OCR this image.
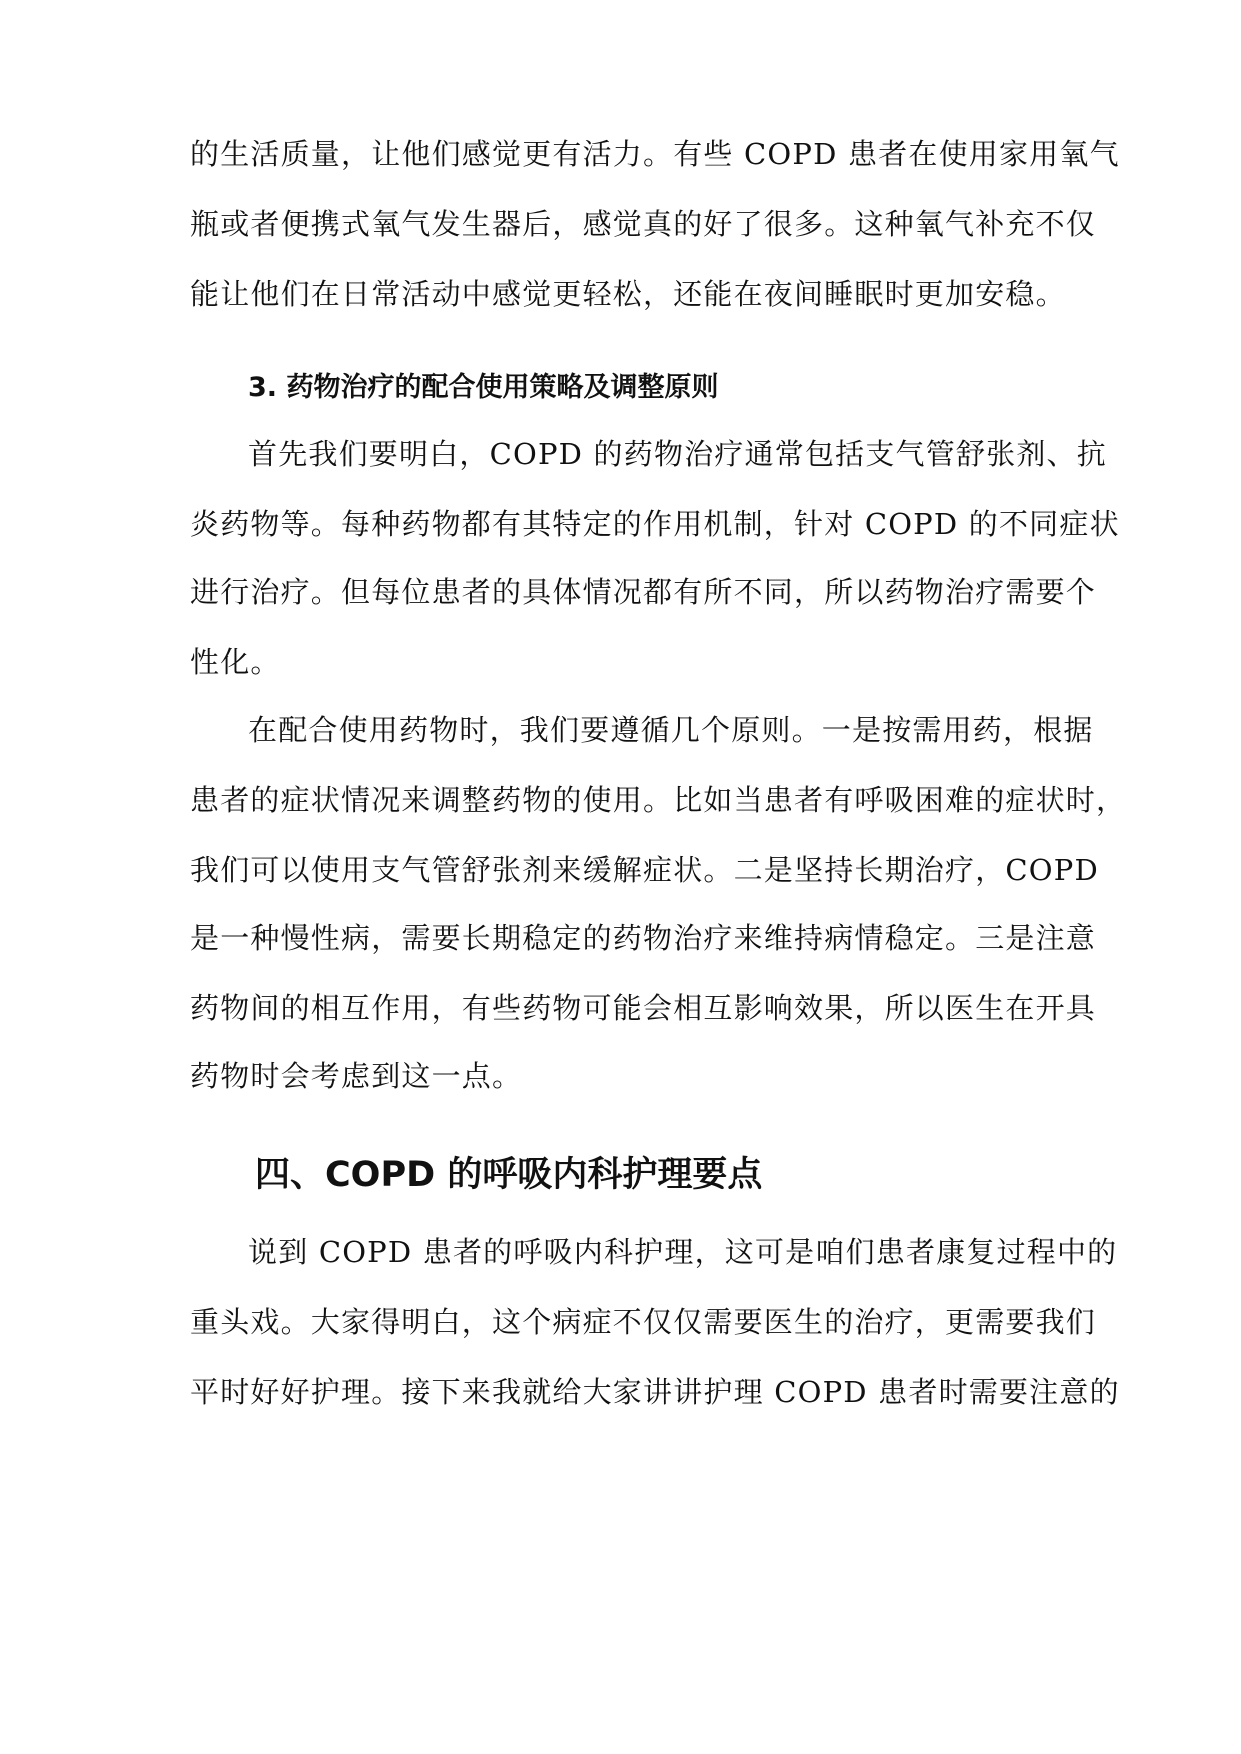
的生活质量，让他们感觉更有活力。有些 COPD 患者在使用家用氧气
瓶或者便携式氧气发生器后，感觉真的好了很多。这种氧气补充不仅
能让他们在日常活动中感觉更轻松，还能在夜间睡眠时更加安稳。
3. 药物治疗的配合使用策略及调整原则
首先我们要明白，COPD 的药物治疗通常包括支气管舒张剂、抗
炎药物等。每种药物都有其特定的作用机制，针对 COPD 的不同症状
进行治疗。但每位患者的具体情况都有所不同，所以药物治疗需要个
性化。
在配合使用药物时，我们要遵循几个原则。一是按需用药，根据
患者的症状情况来调整药物的使用。比如当患者有呼吸困难的症状时，
我们可以使用支气管舒张剂来缓解症状。二是坚持长期治疗，COPD
是一种慢性病，需要长期稳定的药物治疗来维持病情稳定。三是注意
药物间的相互作用，有些药物可能会相互影响效果，所以医生在开具
药物时会考虑到这一点。
四、COPD 的呼吸内科护理要点
说到 COPD 患者的呼吸内科护理，这可是咱们患者康复过程中的
重头戏。大家得明白，这个病症不仅仅需要医生的治疗，更需要我们
平时好好护理。接下来我就给大家讲讲护理 COPD 患者时需要注意的
